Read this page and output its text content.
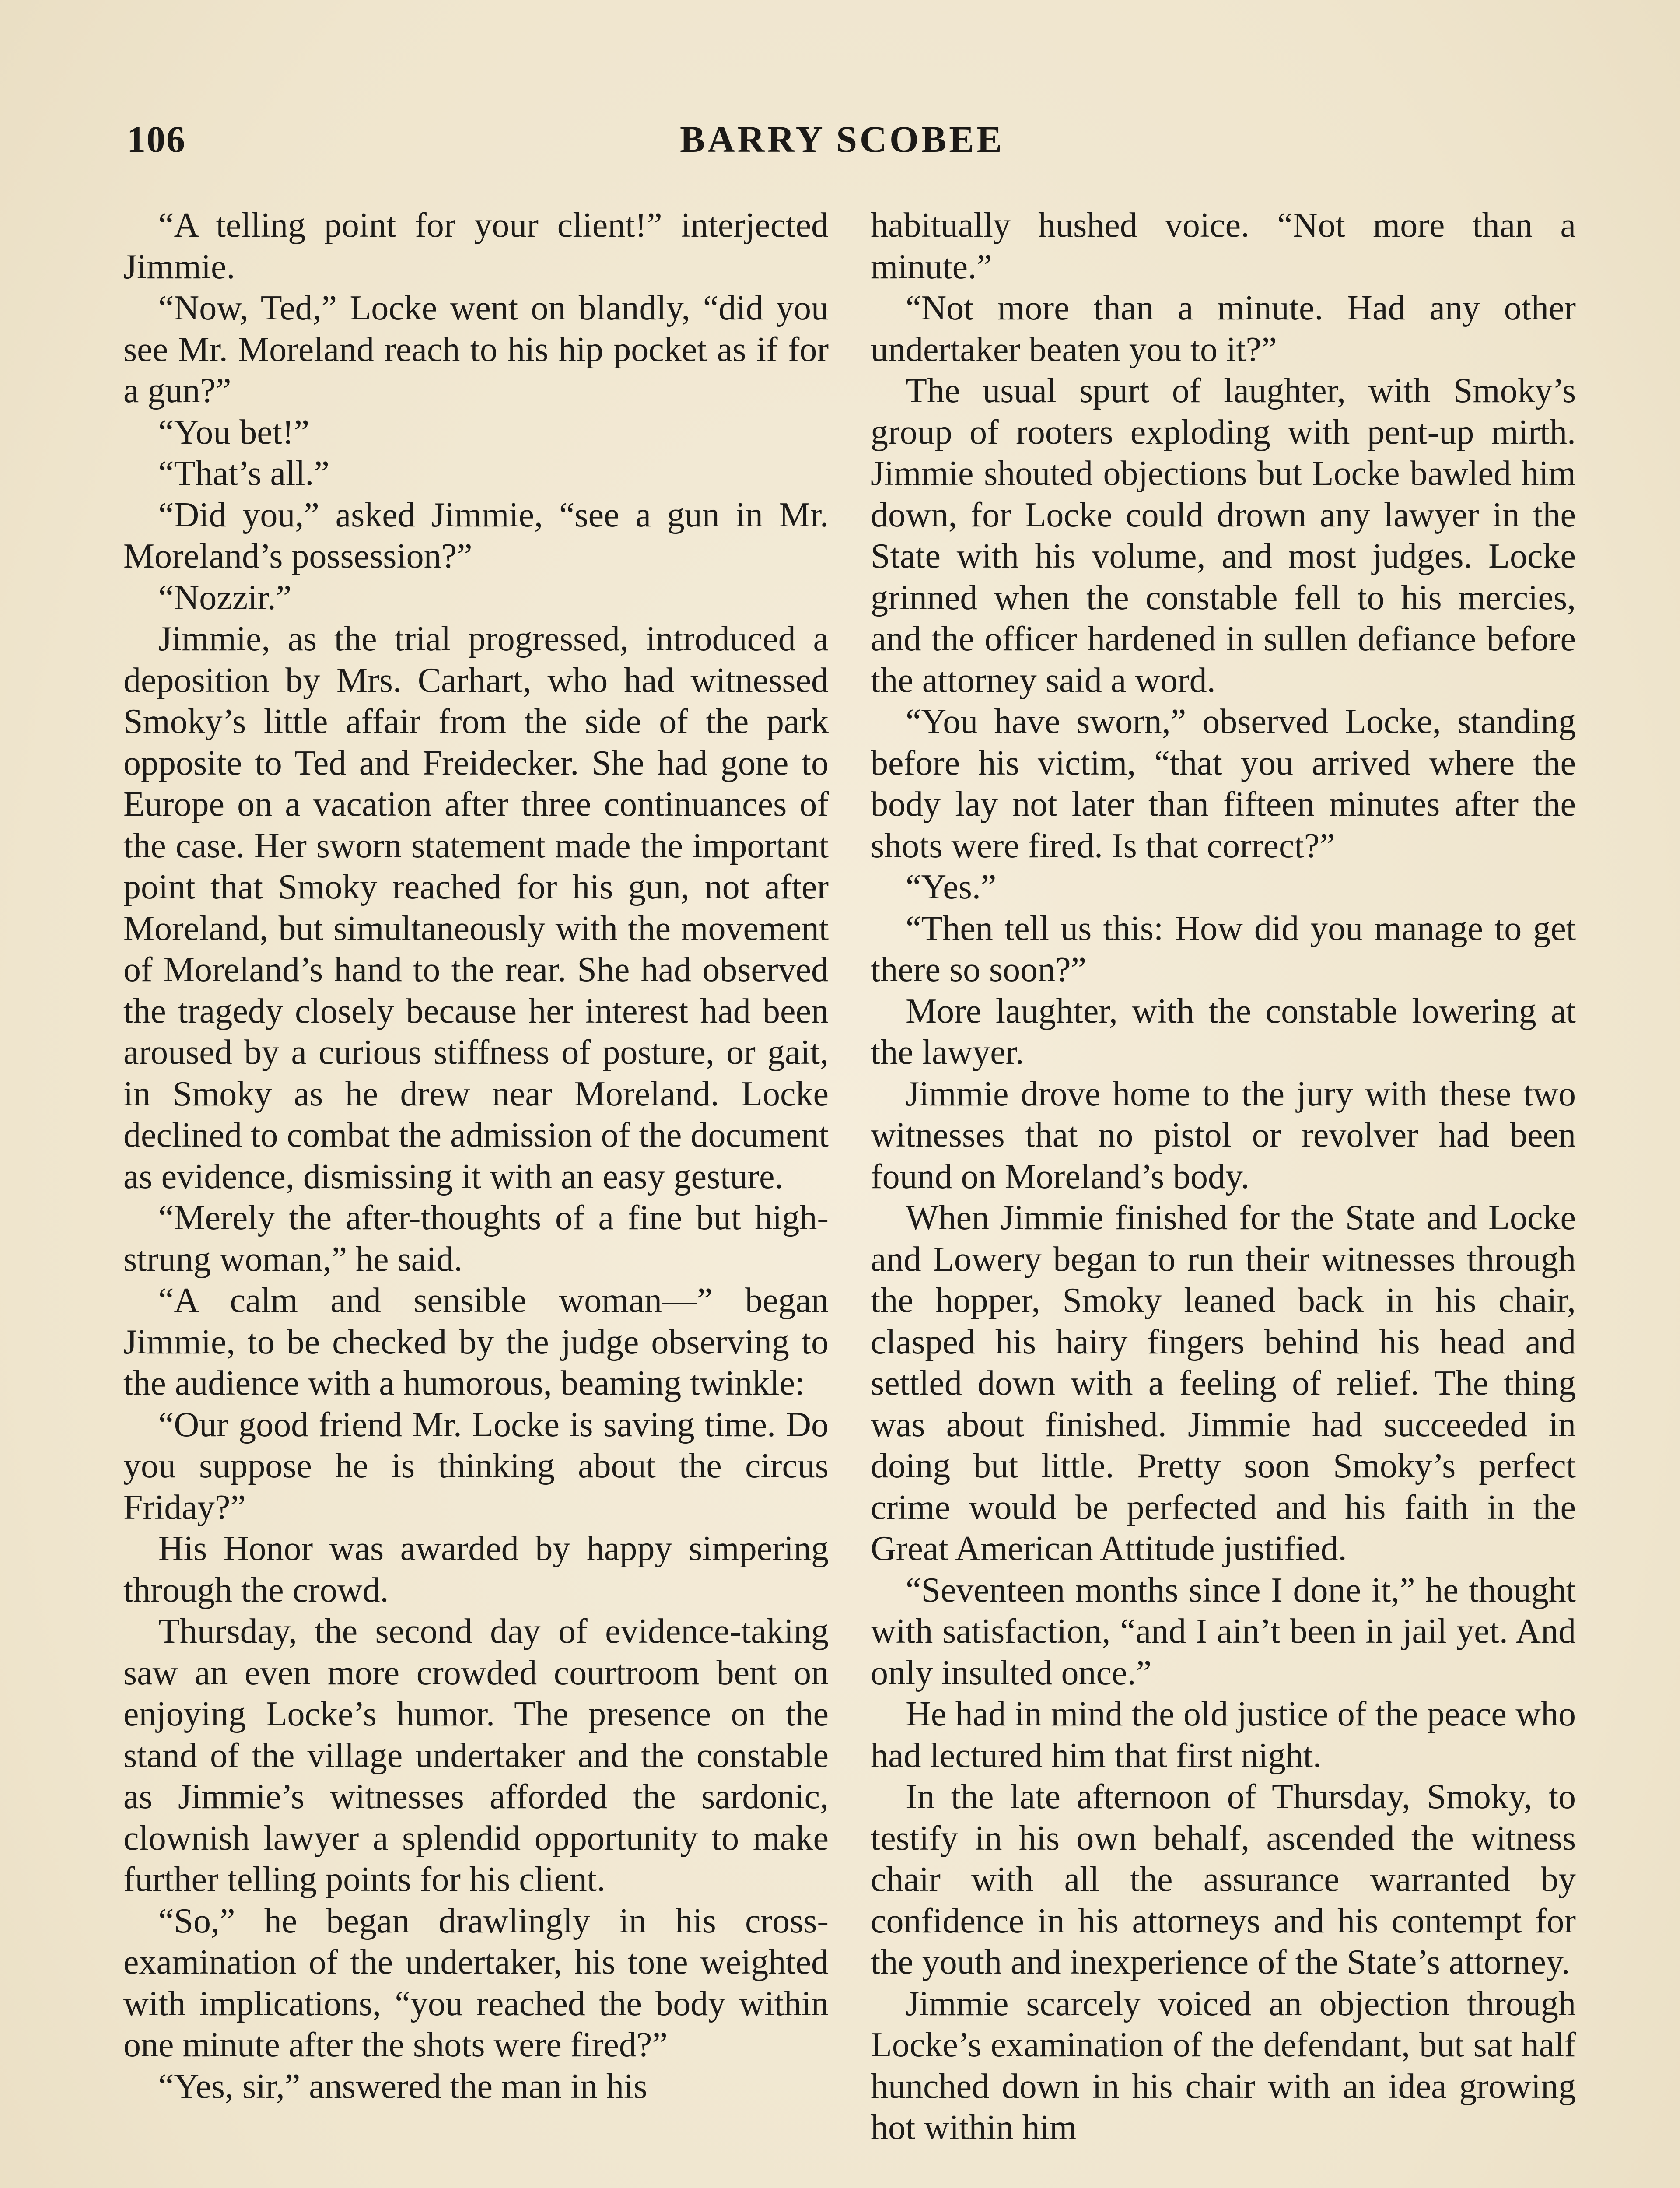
106	BARRY SCOBEE

“A telling point for your client!” interjected Jimmie.

“Now, Ted,” Locke went on blandly, “did you see Mr. Moreland reach to his hip pocket as if for a gun?”

“You bet!”

“That’s all.”

“Did you,” asked Jimmie, “see a gun in Mr. Moreland’s possession?”

“Nozzir.”

Jimmie, as the trial progressed, introduced a deposition by Mrs. Carhart, who had witnessed Smoky’s little affair from the side of the park opposite to Ted and Freidecker. She had gone to Europe on a vacation after three continuances of the case. Her sworn statement made the important point that Smoky reached for his gun, not after Moreland, but simultaneously with the movement of Moreland’s hand to the rear. She had observed the tragedy closely because her interest had been aroused by a curious stiffness of posture, or gait, in Smoky as he drew near Moreland. Locke declined to combat the admission of the document as evidence, dismissing it with an easy gesture.

“Merely the after-thoughts of a fine but high-strung woman,” he said.

“A calm and sensible woman—” began Jimmie, to be checked by the judge observing to the audience with a humorous, beaming twinkle:

“Our good friend Mr. Locke is saving time. Do you suppose he is thinking about the circus Friday?”

His Honor was awarded by happy simpering through the crowd.

Thursday, the second day of evidence-taking saw an even more crowded courtroom bent on enjoying Locke’s humor. The presence on the stand of the village undertaker and the constable as Jimmie’s witnesses afforded the sardonic, clownish lawyer a splendid opportunity to make further telling points for his client.

“So,” he began drawlingly in his cross-examination of the undertaker, his tone weighted with implications, “you reached the body within one minute after the shots were fired?”

“Yes, sir,” answered the man in his

habitually hushed voice. “Not more than a minute.”

“Not more than a minute. Had any other undertaker beaten you to it?”

The usual spurt of laughter, with Smoky’s group of rooters exploding with pent-up mirth. Jimmie shouted objections but Locke bawled him down, for Locke could drown any lawyer in the State with his volume, and most judges. Locke grinned when the constable fell to his mercies, and the officer hardened in sullen defiance before the attorney said a word.

“You have sworn,” observed Locke, standing before his victim, “that you arrived where the body lay not later than fifteen minutes after the shots were fired. Is that correct?”

“Yes.”

“Then tell us this: How did you manage to get there so soon?”

More laughter, with the constable lowering at the lawyer.

Jimmie drove home to the jury with these two witnesses that no pistol or revolver had been found on Moreland’s body.

When Jimmie finished for the State and Locke and Lowery began to run their witnesses through the hopper, Smoky leaned back in his chair, clasped his hairy fingers behind his head and settled down with a feeling of relief. The thing was about finished. Jimmie had succeeded in doing but little. Pretty soon Smoky’s perfect crime would be perfected and his faith in the Great American Attitude justified.

“Seventeen months since I done it,” he thought with satisfaction, “and I ain’t been in jail yet. And only insulted once.”

He had in mind the old justice of the peace who had lectured him that first night.

In the late afternoon of Thursday, Smoky, to testify in his own behalf, ascended the witness chair with all the assurance warranted by confidence in his attorneys and his contempt for the youth and inexperience of the State’s attorney.

Jimmie scarcely voiced an objection through Locke’s examination of the defendant, but sat half hunched down in his chair with an idea growing hot within him
